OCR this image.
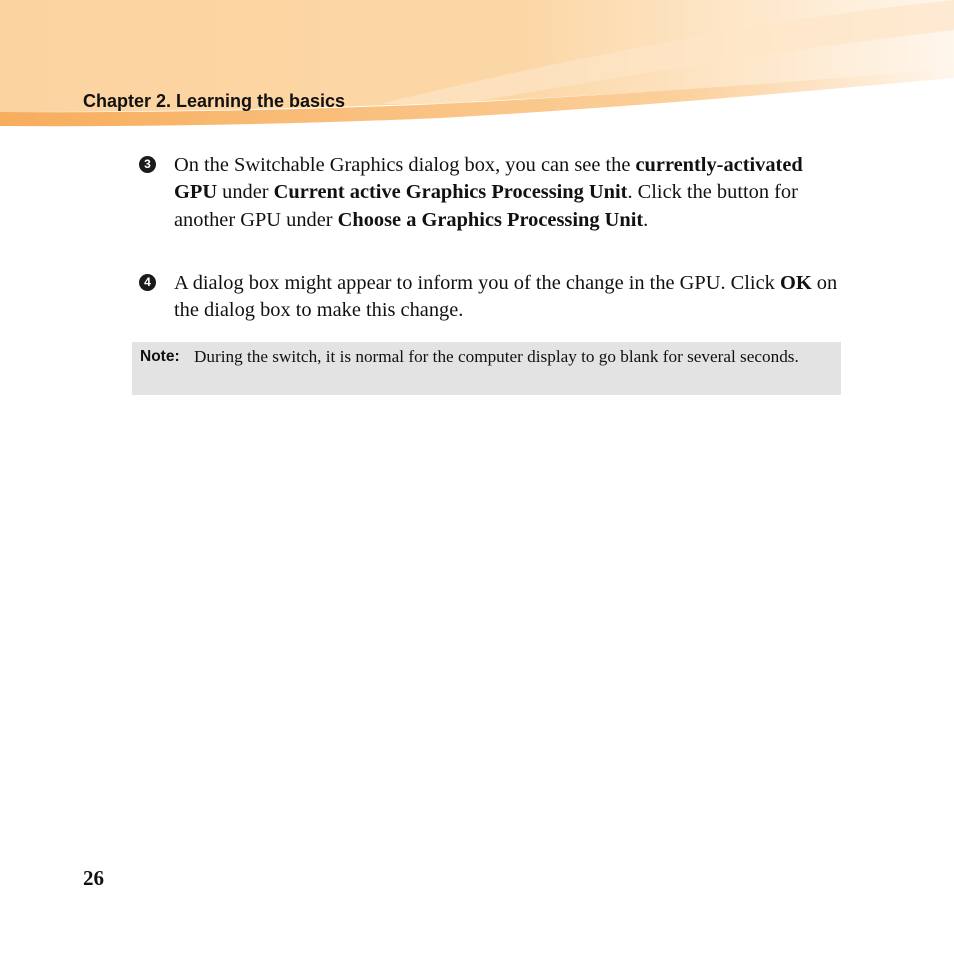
Chapter 2. Learning the basics
3 On the Switchable Graphics dialog box, you can see the currently-activated GPU under Current active Graphics Processing Unit. Click the button for another GPU under Choose a Graphics Processing Unit.

4 A dialog box might appear to inform you of the change in the GPU. Click OK on the dialog box to make this change.

Note: During the switch, it is normal for the computer display to go blank for several seconds.

26
